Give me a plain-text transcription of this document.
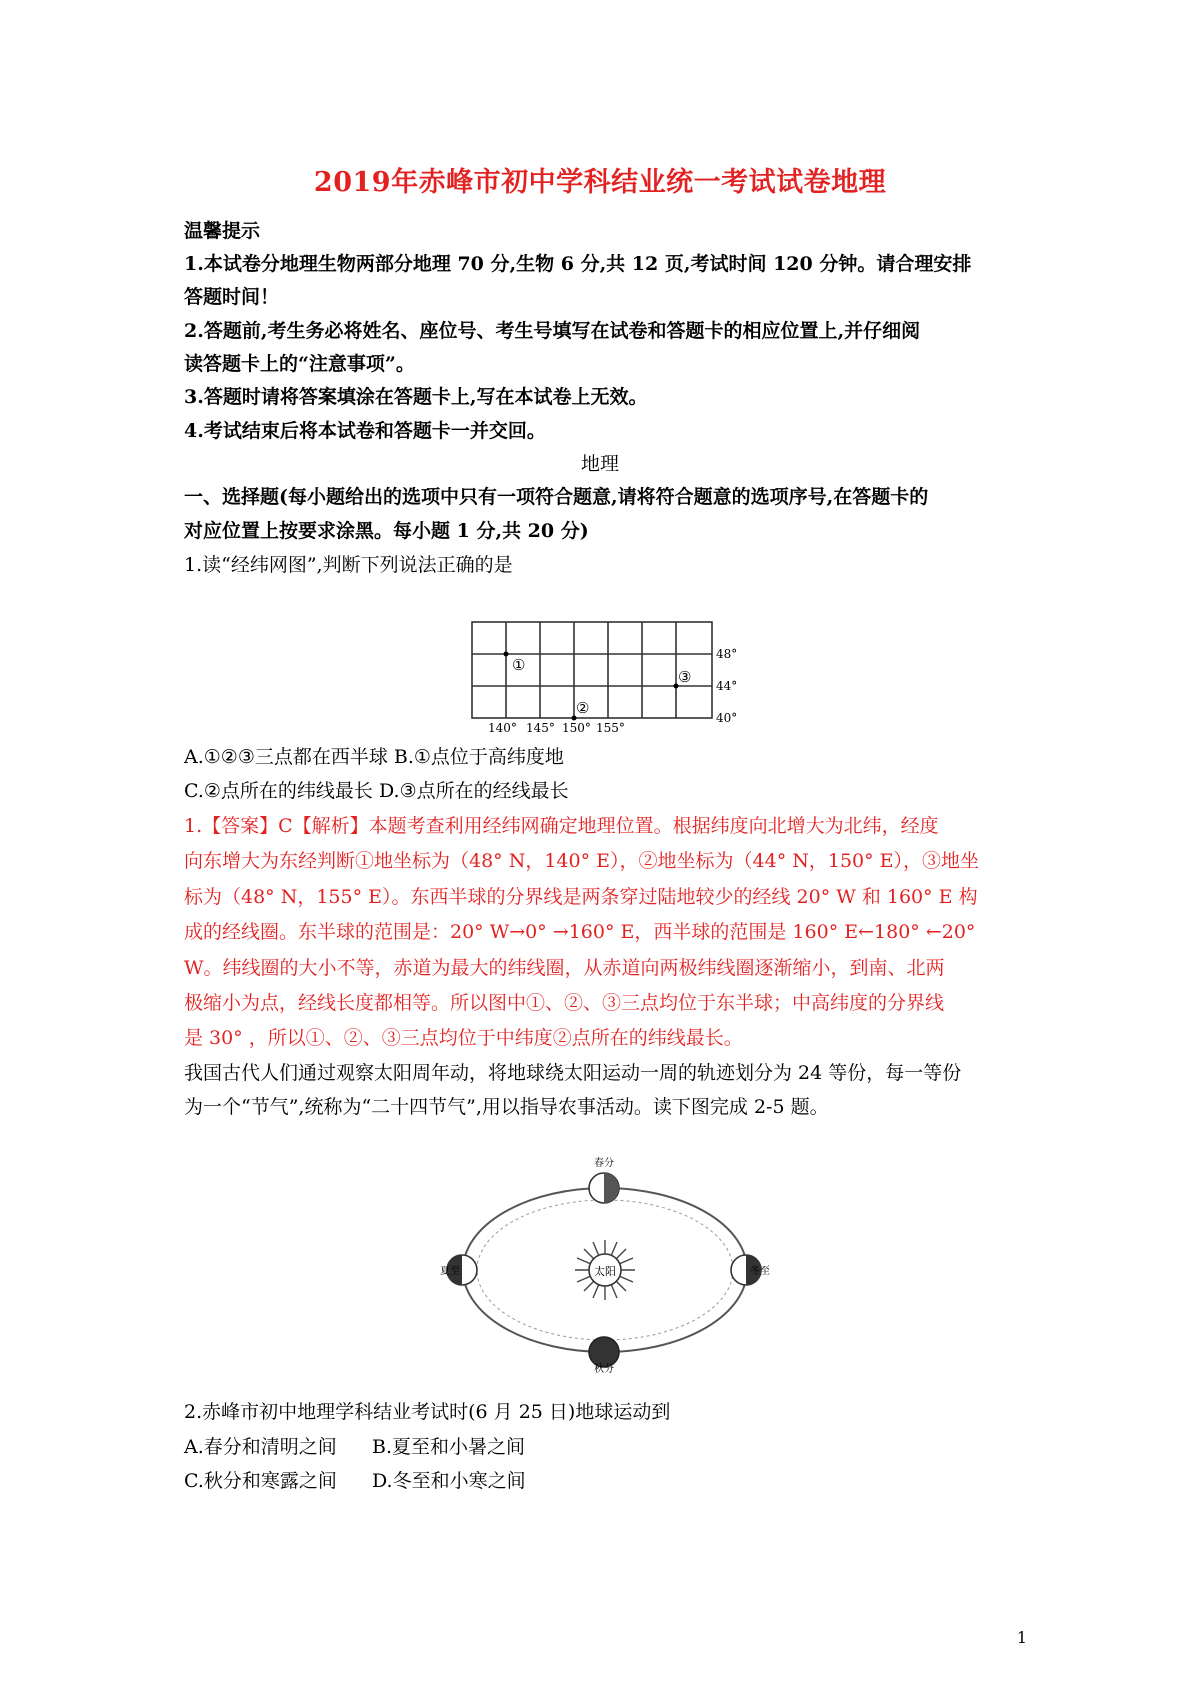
2019年赤峰市初中学科结业统一考试试卷地理
温馨提示
1.本试卷分地理生物两部分地理 70 分,生物 6 分,共 12 页,考试时间 120 分钟。请合理安排
答题时间！
2.答题前,考生务必将姓名、座位号、考生号填写在试卷和答题卡的相应位置上,并仔细阅
读答题卡上的“注意事项”。
3.答题时请将答案填涂在答题卡上,写在本试卷上无效。
4.考试结束后将本试卷和答题卡一并交回。
地理
一、选择题(每小题给出的选项中只有一项符合题意,请将符合题意的选项序号,在答题卡的
对应位置上按要求涂黑。每小题 1 分,共 20 分)
1.读“经纬网图”,判断下列说法正确的是
①
②
③
48°
44°
40°
140° 145° 150° 155°
A.①②③三点都在西半球 B.①点位于高纬度地
C.②点所在的纬线最长 D.③点所在的经线最长
1.【答案】C【解析】本题考查利用经纬网确定地理位置。根据纬度向北增大为北纬，经度
向东增大为东经判断①地坐标为（48° N，140° E），②地坐标为（44° N，150° E），③地坐
标为（48° N，155° E）。东西半球的分界线是两条穿过陆地较少的经线 20° W 和 160° E 构
成的经线圈。东半球的范围是：20° W→0° →160° E，西半球的范围是 160° E←180° ←20°
W。纬线圈的大小不等，赤道为最大的纬线圈，从赤道向两极纬线圈逐渐缩小，到南、北两
极缩小为点，经线长度都相等。所以图中①、②、③三点均位于东半球；中高纬度的分界线
是 30° ，所以①、②、③三点均位于中纬度②点所在的纬线最长。
我国古代人们通过观察太阳周年动，将地球绕太阳运动一周的轨迹划分为 24 等份，每一等份
为一个“节气”,统称为“二十四节气”,用以指导农事活动。读下图完成 2-5 题。
太阳
春分
秋分
夏至	冬至
2.赤峰市初中地理学科结业考试时(6 月 25 日)地球运动到
A.春分和清明之间 B.夏至和小暑之间
C.秋分和寒露之间 D.冬至和小寒之间
1
